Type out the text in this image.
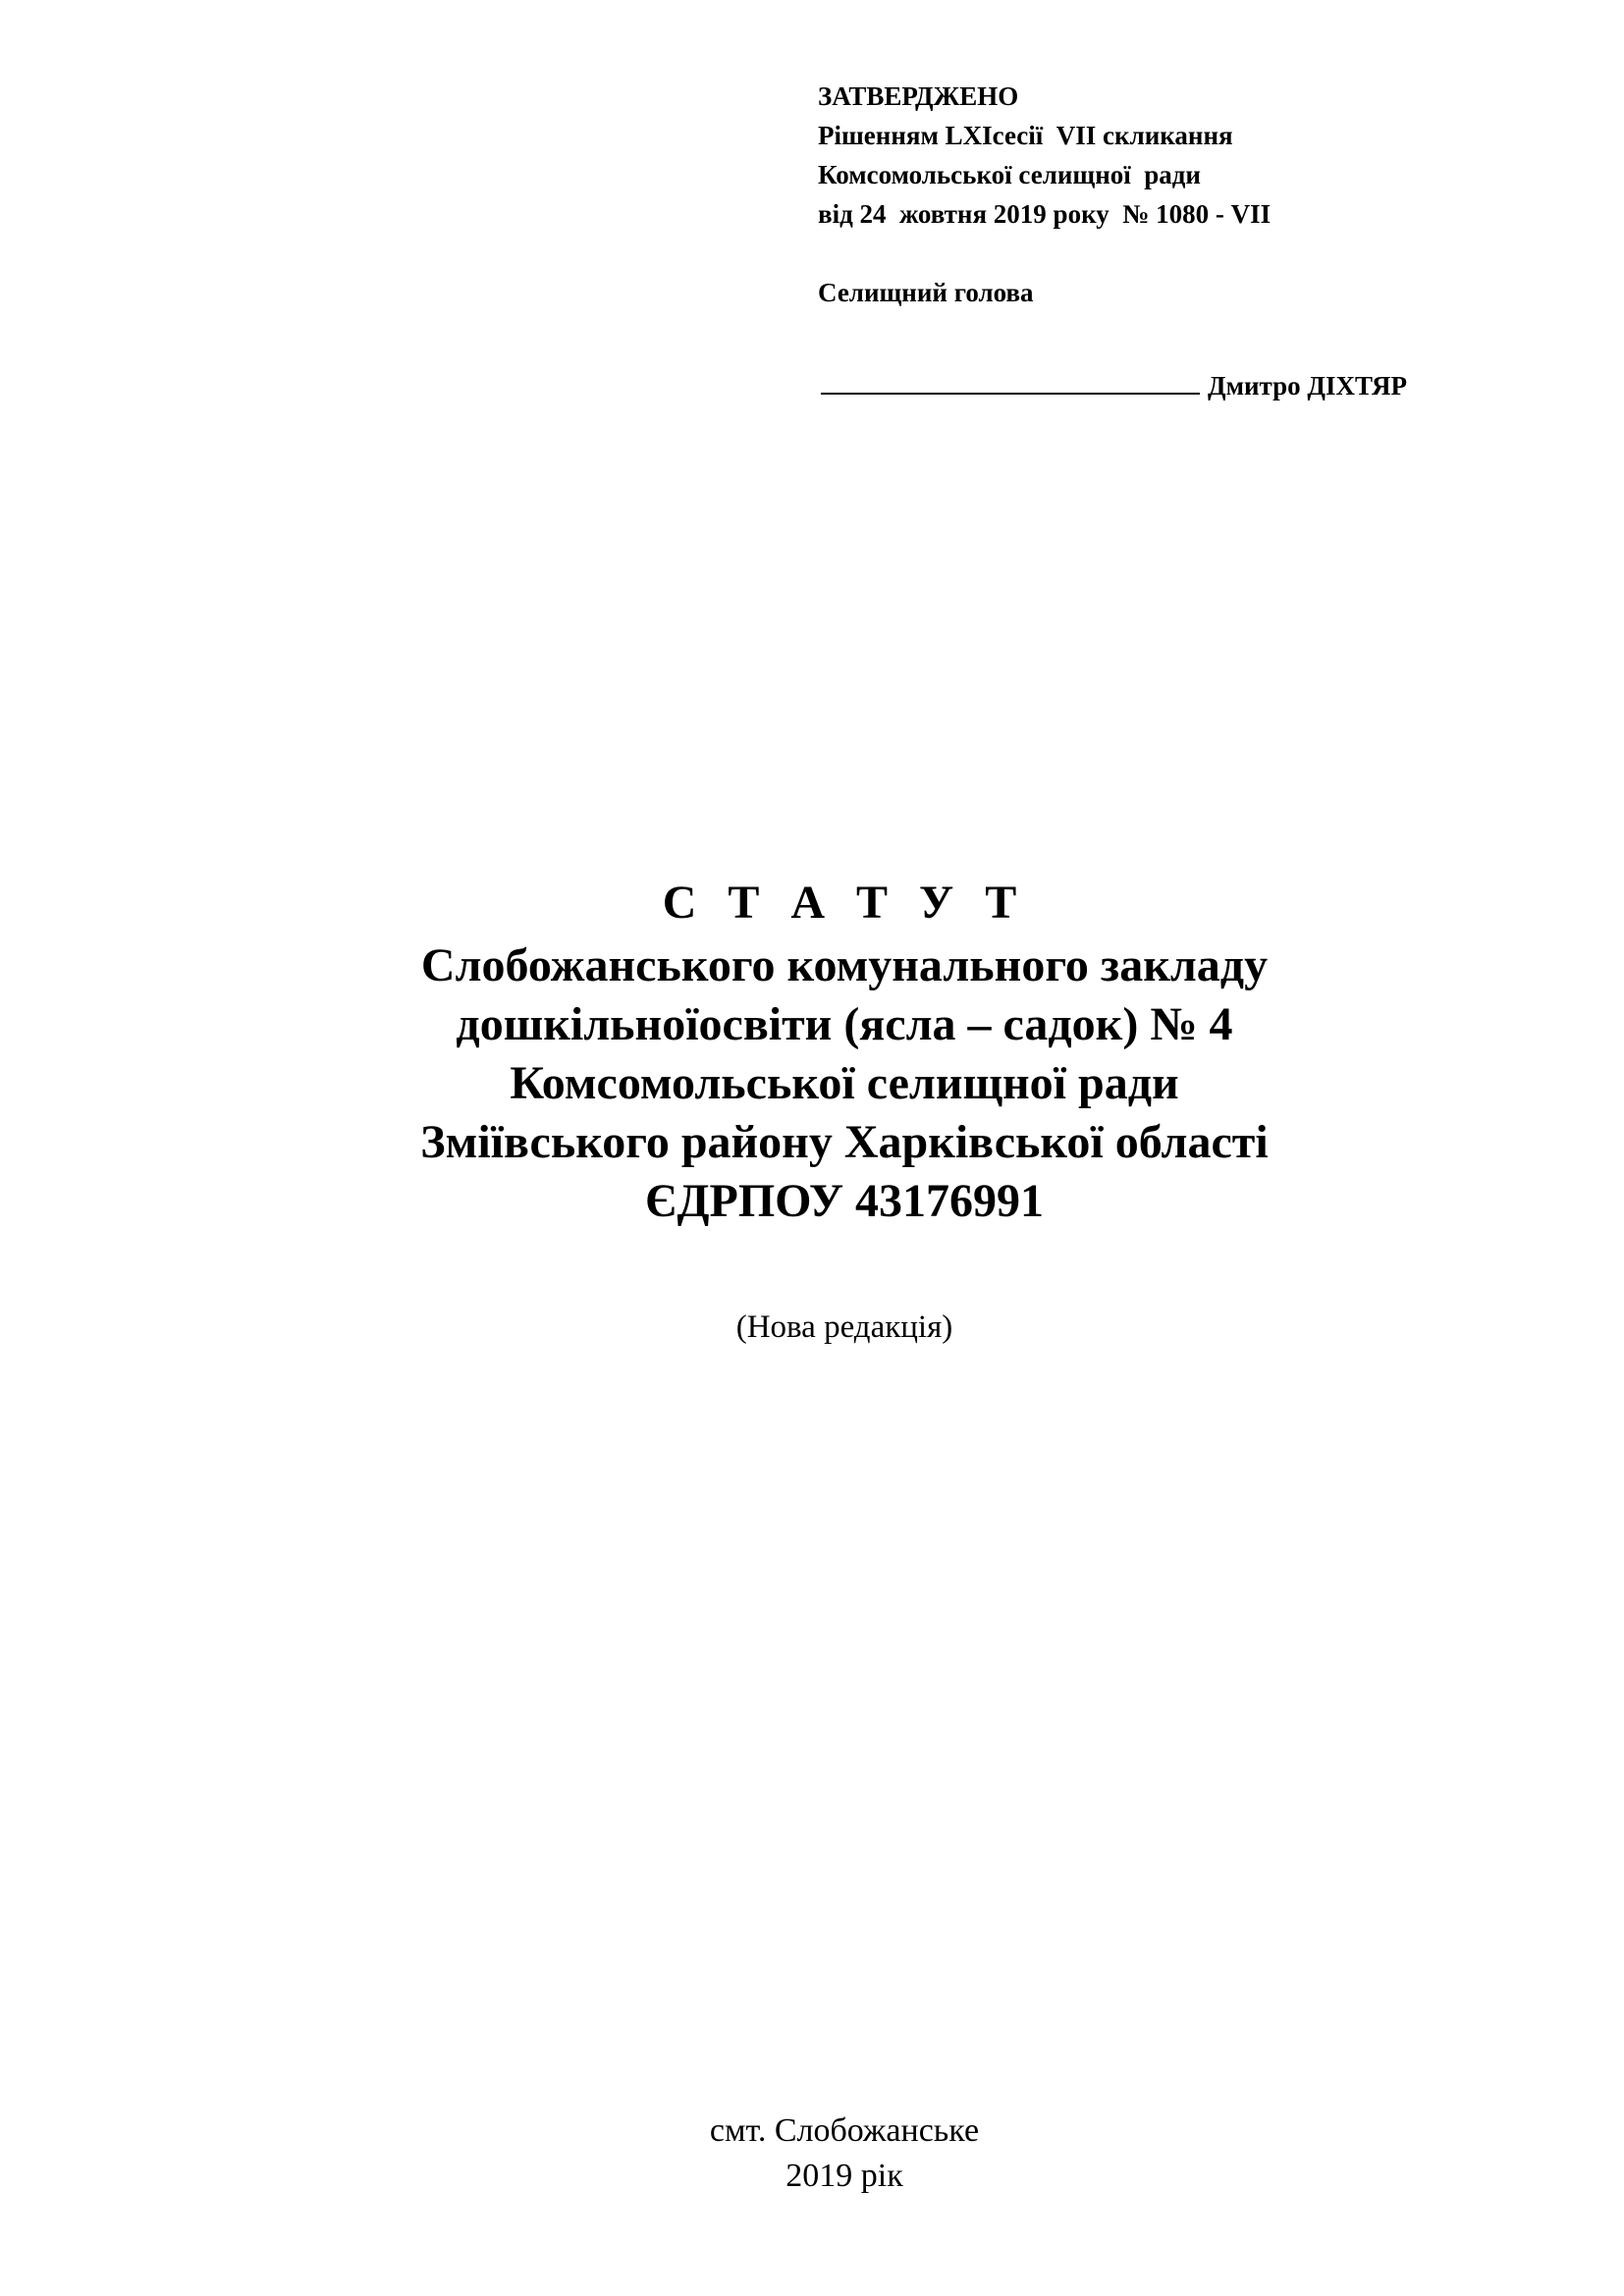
ЗАТВЕРДЖЕНО
Рішенням LXIсесії  VII скликання
Комсомольської селищної  ради
від 24  жовтня 2019 року  № 1080 - VII
Селищний голова
Дмитро ДІХТЯР
С Т А Т У Т
Слобожанського комунального закладу
дошкільноїосвіти (ясла – садок) № 4
Комсомольської селищної ради
Зміївського району Харківської області
ЄДРПОУ 43176991
(Нова редакція)
смт. Слобожанське
2019 рік
